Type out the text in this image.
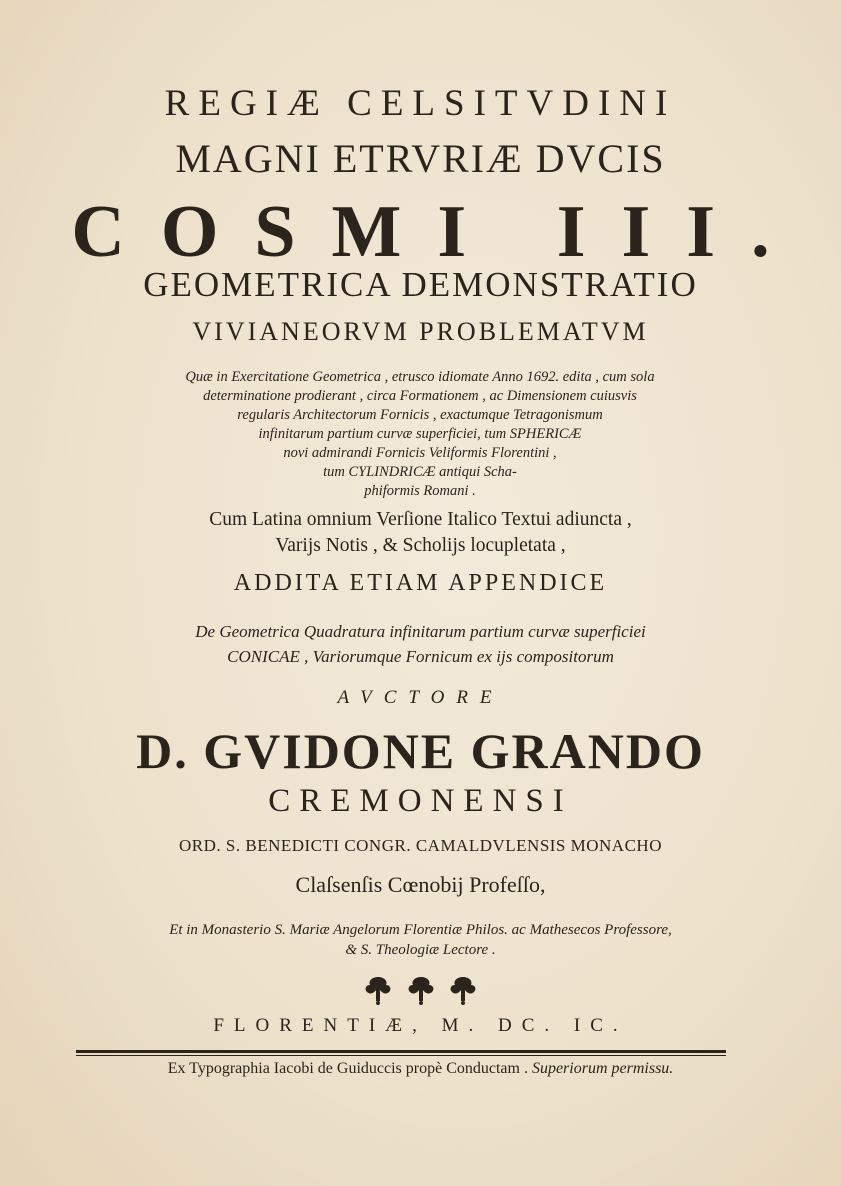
REGIÆ CELSITVDINI
MAGNI ETRVRIÆ DVCIS
COSMI III.
GEOMETRICA DEMONSTRATIO
VIVIANEORVM PROBLEMATVM
Quæ in Exercitatione Geometrica , etrusco idiomate Anno 1692. edita , cum sola
determinatione prodierant , circa Formationem , ac Dimensionem cuiusvis
regularis Architectorum Fornicis , exactumque Tetragonismum
infinitarum partium curvæ superficiei, tum SPHERICÆ
novi admirandi Fornicis Veliformis Florentini ,
tum CYLINDRICÆ antiqui Scha-
phiformis Romani .
Cum Latina omnium Verſione Italico Textui adiuncta ,
Varijs Notis , & Scholijs locupletata ,
ADDITA ETIAM APPENDICE
De Geometrica Quadratura infinitarum partium curvæ superficiei
CONICAE , Variorumque Fornicum ex ijs compositorum
AVCTORE
D. GVIDONE GRANDO
CREMONENSI
ORD. S. BENEDICTI CONGR. CAMALDVLENSIS MONACHO
Claſsenſis Cœnobij Profeſſo,
Et in Monasterio S. Mariæ Angelorum Florentiæ Philos. ac Mathesecos Professore,
& S. Theologiæ Lectore .
FLORENTIÆ, M. DC. IC.
Ex Typographia Iacobi de Guiduccis propè Conductam . Superiorum permissu.
